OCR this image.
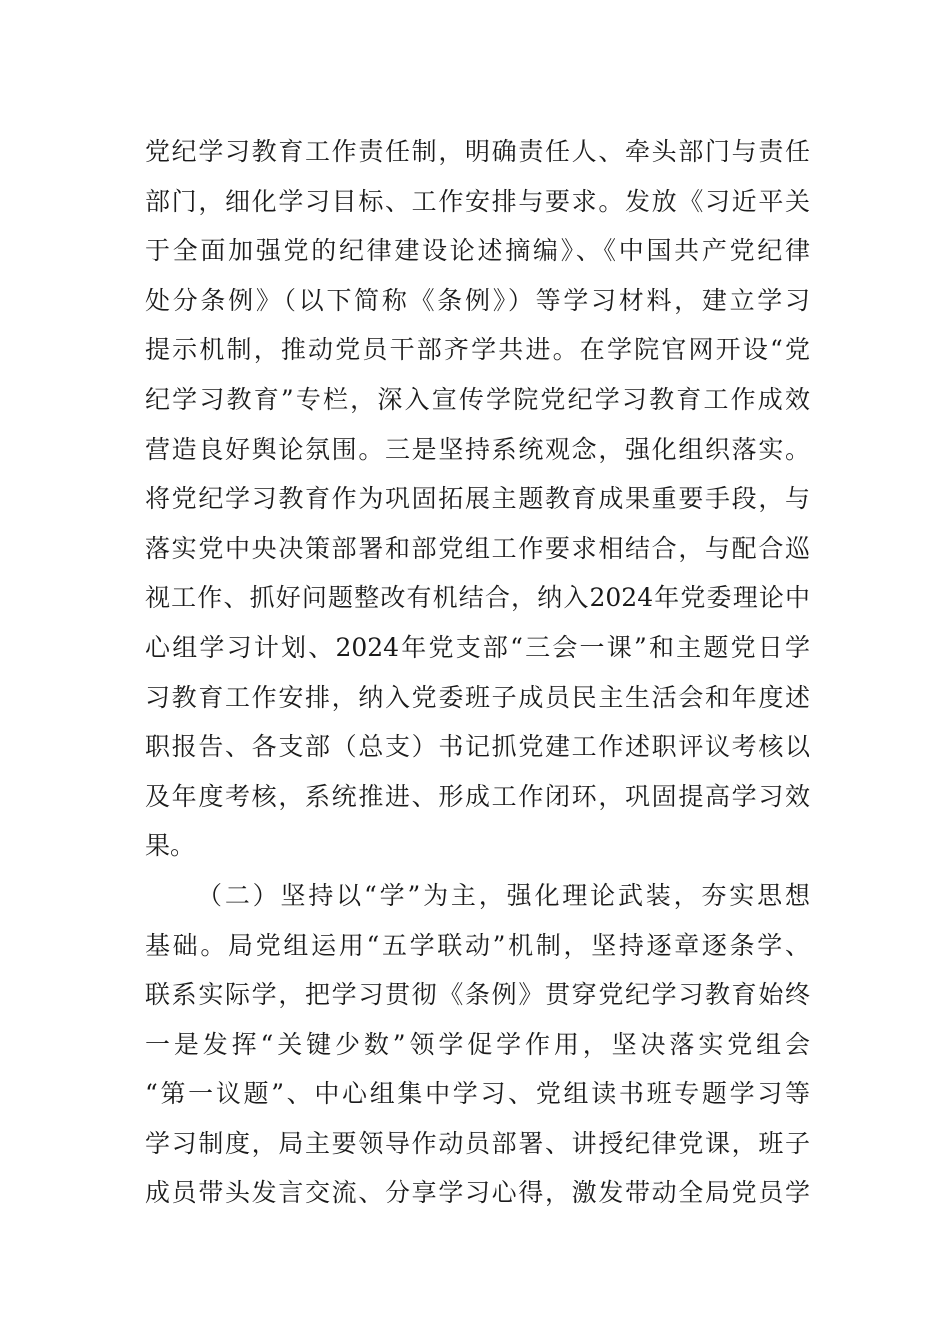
党纪学习教育工作责任制，明确责任人、牵头部门与责任
部门，细化学习目标、工作安排与要求。发放《习近平关
于全面加强党的纪律建设论述摘编》、《中国共产党纪律
处分条例》（以下简称《条例》）等学习材料，建立学习
提示机制，推动党员干部齐学共进。在学院官网开设“党
纪学习教育”专栏，深入宣传学院党纪学习教育工作成效
营造良好舆论氛围。三是坚持系统观念，强化组织落实。
将党纪学习教育作为巩固拓展主题教育成果重要手段，与
落实党中央决策部署和部党组工作要求相结合，与配合巡
视工作、抓好问题整改有机结合，纳入2024年党委理论中
心组学习计划、2024年党支部“三会一课”和主题党日学
习教育工作安排，纳入党委班子成员民主生活会和年度述
职报告、各支部（总支）书记抓党建工作述职评议考核以
及年度考核，系统推进、形成工作闭环，巩固提高学习效
果。
（二）坚持以“学”为主，强化理论武装，夯实思想
基础。局党组运用“五学联动”机制，坚持逐章逐条学、
联系实际学，把学习贯彻《条例》贯穿党纪学习教育始终
一是发挥“关键少数”领学促学作用，坚决落实党组会
“第一议题”、中心组集中学习、党组读书班专题学习等
学习制度，局主要领导作动员部署、讲授纪律党课，班子
成员带头发言交流、分享学习心得，激发带动全局党员学
